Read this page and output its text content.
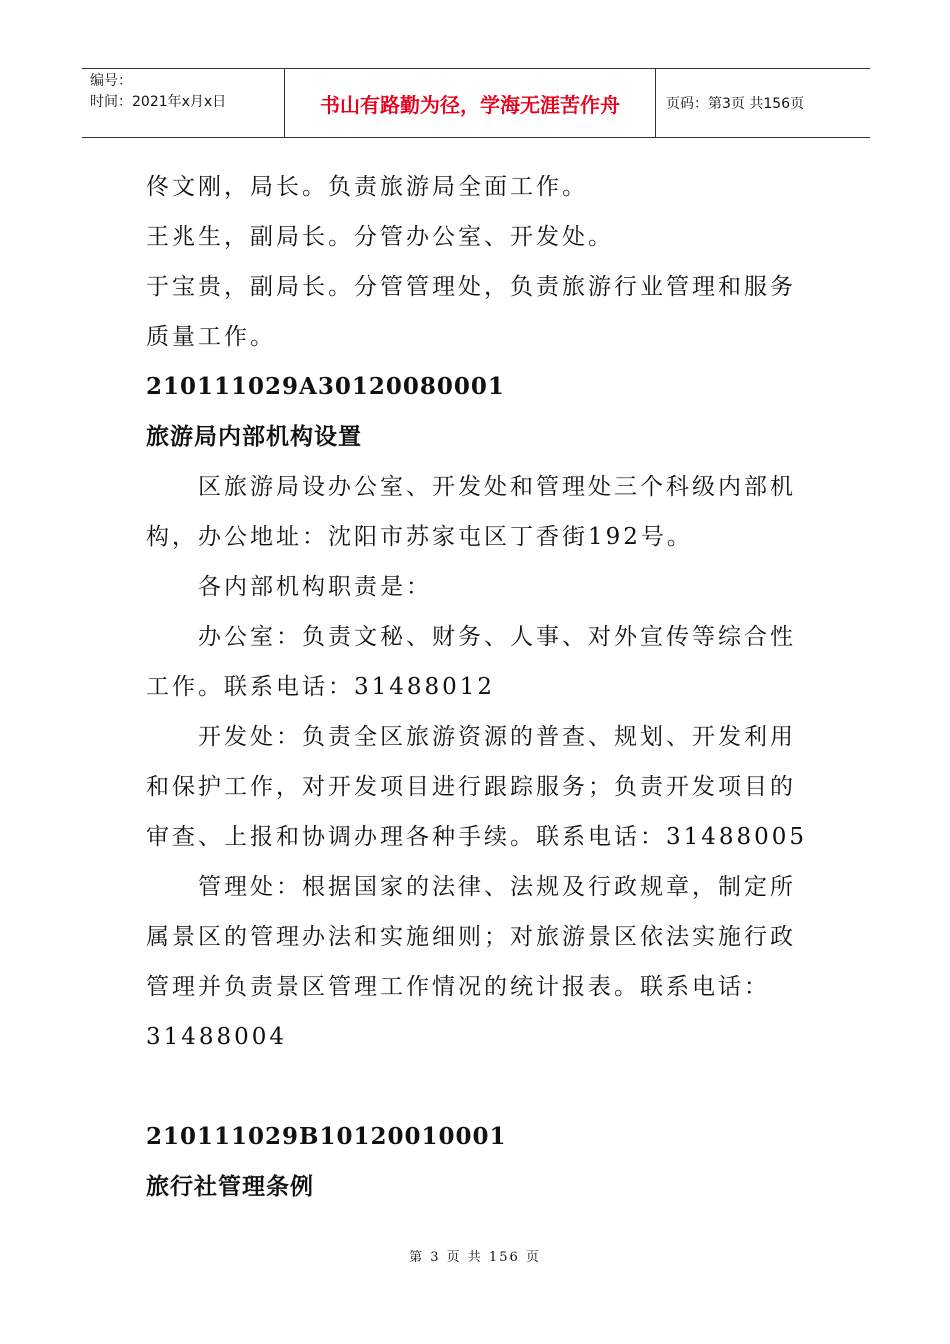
编号：
时间：2021年x月x日	书山有路勤为径，学海无涯苦作舟	页码：第3页 共156页
佟文刚，局长。负责旅游局全面工作。
王兆生，副局长。分管办公室、开发处。
于宝贵，副局长。分管管理处，负责旅游行业管理和服务
质量工作。
210111029A30120080001
旅游局内部机构设置
区旅游局设办公室、开发处和管理处三个科级内部机
构，办公地址：沈阳市苏家屯区丁香街192号。
各内部机构职责是：
办公室：负责文秘、财务、人事、对外宣传等综合性
工作。联系电话：31488012
开发处：负责全区旅游资源的普查、规划、开发利用
和保护工作，对开发项目进行跟踪服务；负责开发项目的
审查、上报和协调办理各种手续。联系电话：31488005
管理处：根据国家的法律、法规及行政规章，制定所
属景区的管理办法和实施细则；对旅游景区依法实施行政
管理并负责景区管理工作情况的统计报表。联系电话：
31488004
210111029B10120010001
旅行社管理条例
第 3 页 共 156 页
